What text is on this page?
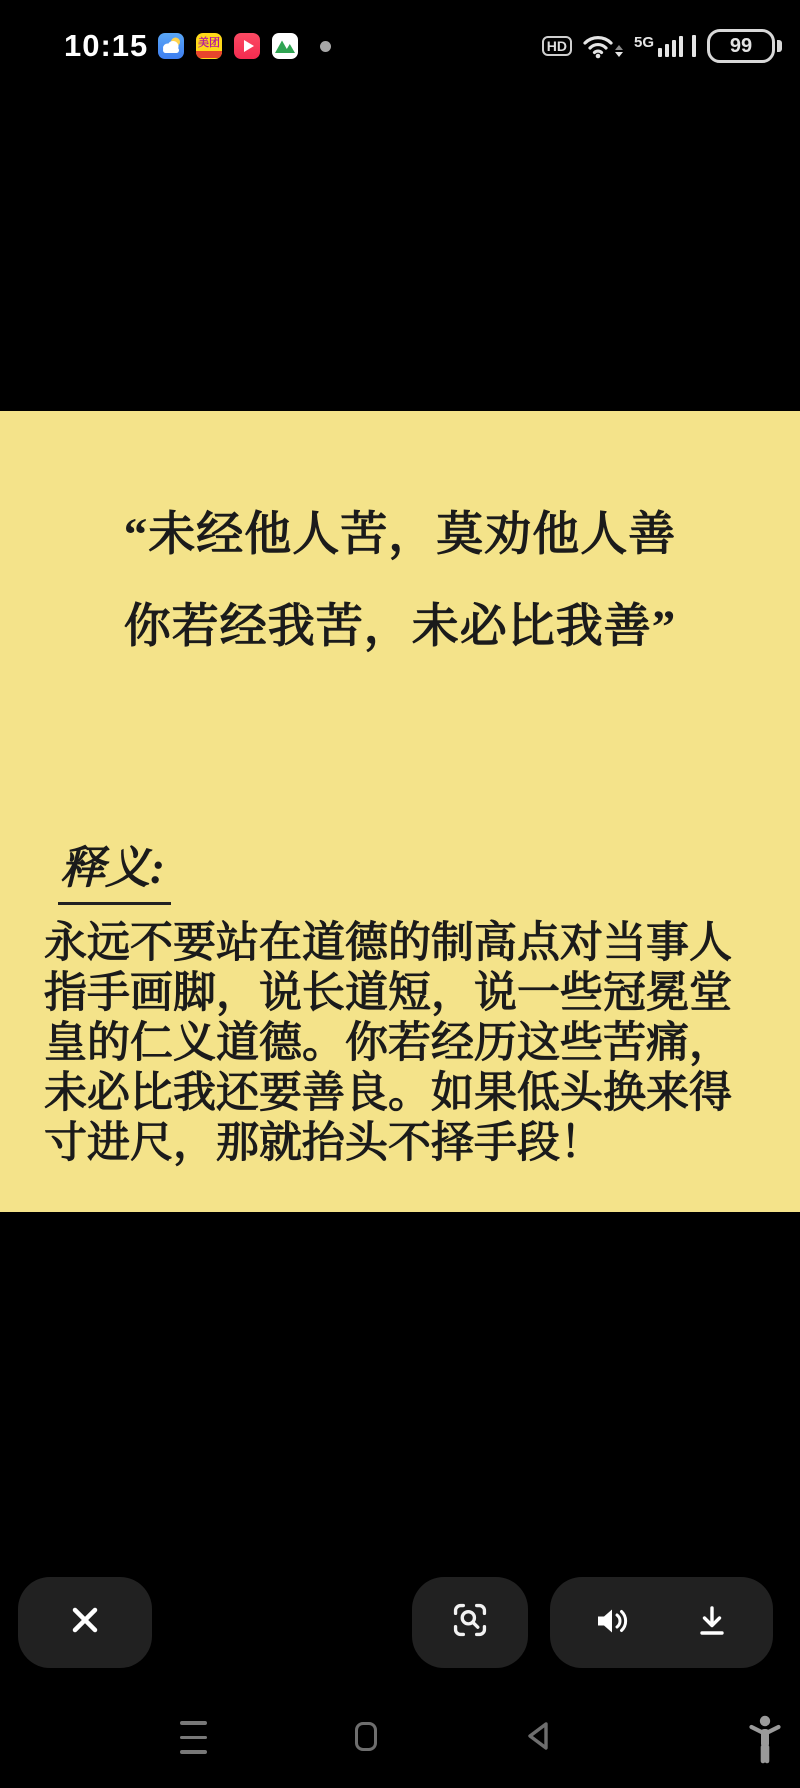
10:15	美团	HD	5G	99
“未经他人苦，莫劝他人善
你若经我苦，未必比我善”
释义:
永远不要站在道德的制高点对当事人
指手画脚，说长道短，说一些冠冕堂
皇的仁义道德。你若经历这些苦痛，
未必比我还要善良。如果低头换来得
寸进尺，那就抬头不择手段！
